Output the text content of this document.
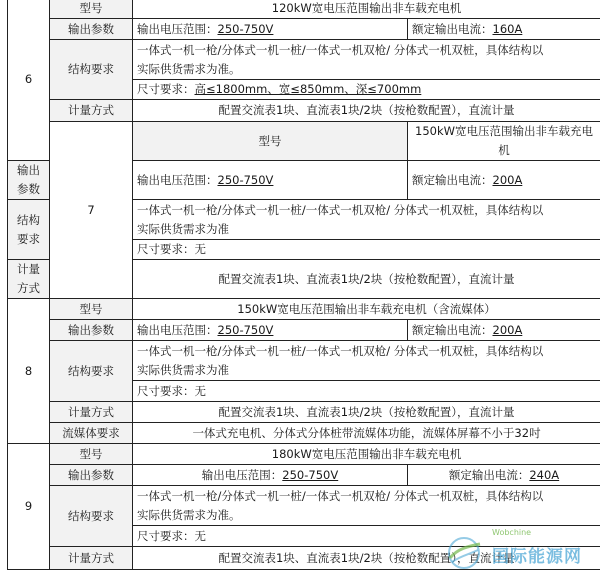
6	型号	120kW宽电压范围输出非车载充电机	
	输出参数	输出电压范围：250-750V	额定输出电流：160A
	结构要求	一体式一机一枪/分体式一机一桩/一体式一机双枪/ 分体式一机双桩，具体结构以
实际供货需求为准。	

		尺寸要求：高≤1800mm、宽≤850mm、深≤700mm	
	计量方式	配置交流表1块、直流表1块/2块（按枪数配置），直流计量	
	7	型号	150kW宽电压范围输出非车载充电机
输出参数		输出电压范围：250-750V	额定输出电流：200A
结构要求		一体式一机一枪/分体式一机一桩/一体式一机双枪/ 分体式一机双桩，具体结构以
实际供货需求为准	

		尺寸要求：无	
计量方式		配置交流表1块、直流表1块/2块（按枪数配置），直流计量	
8	型号	150kW宽电压范围输出非车载充电机（含流媒体）	
	输出参数	输出电压范围：250-750V	额定输出电流：200A
	结构要求	一体式一机一枪/分体式一机一桩/一体式一机双枪/ 分体式一机双桩，具体结构以
实际供货需求为准	

		尺寸要求：无	
	计量方式	配置交流表1块、直流表1块/2块（按枪数配置），直流计量	
	流媒体要求	一体式充电机、分体式分体桩带流媒体功能，流媒体屏幕不小于32吋	
9	型号	180kW宽电压范围输出非车载充电机	
	输出参数	输出电压范围：250-750V	额定输出电流：240A
	结构要求	一体式一机一枪/分体式一机一桩/一体式一机双枪/ 分体式一机双桩，具体结构以
实际供货需求为准。	

		尺寸要求：无	
	计量方式	配置交流表1块、直流表1块/2块（按枪数配置），直流计量	
Wobchine
国际能源网
